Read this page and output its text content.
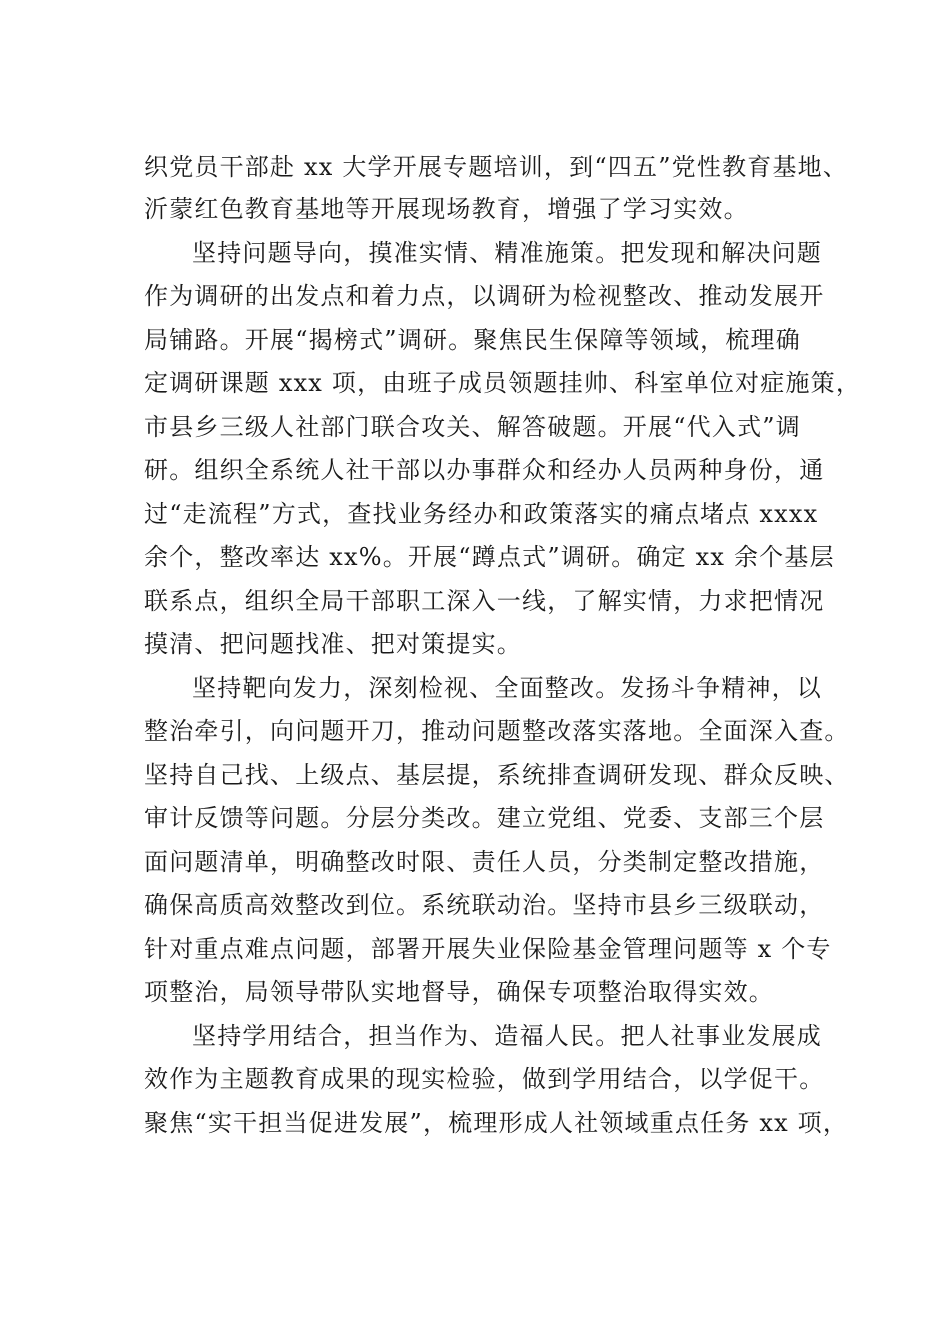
织党员干部赴 xx 大学开展专题培训，到“四五”党性教育基地、
沂蒙红色教育基地等开展现场教育，增强了学习实效。
坚持问题导向，摸准实情、精准施策。把发现和解决问题
作为调研的出发点和着力点，以调研为检视整改、推动发展开
局铺路。开展“揭榜式”调研。聚焦民生保障等领域，梳理确
定调研课题 xxx 项，由班子成员领题挂帅、科室单位对症施策，
市县乡三级人社部门联合攻关、解答破题。开展“代入式”调
研。组织全系统人社干部以办事群众和经办人员两种身份，通
过“走流程”方式，查找业务经办和政策落实的痛点堵点 xxxx
余个，整改率达 xx%。开展“蹲点式”调研。确定 xx 余个基层
联系点，组织全局干部职工深入一线，了解实情，力求把情况
摸清、把问题找准、把对策提实。
坚持靶向发力，深刻检视、全面整改。发扬斗争精神，以
整治牵引，向问题开刀，推动问题整改落实落地。全面深入查。
坚持自己找、上级点、基层提，系统排查调研发现、群众反映、
审计反馈等问题。分层分类改。建立党组、党委、支部三个层
面问题清单，明确整改时限、责任人员，分类制定整改措施，
确保高质高效整改到位。系统联动治。坚持市县乡三级联动，
针对重点难点问题，部署开展失业保险基金管理问题等 x 个专
项整治，局领导带队实地督导，确保专项整治取得实效。
坚持学用结合，担当作为、造福人民。把人社事业发展成
效作为主题教育成果的现实检验，做到学用结合，以学促干。
聚焦“实干担当促进发展”，梳理形成人社领域重点任务 xx 项，
